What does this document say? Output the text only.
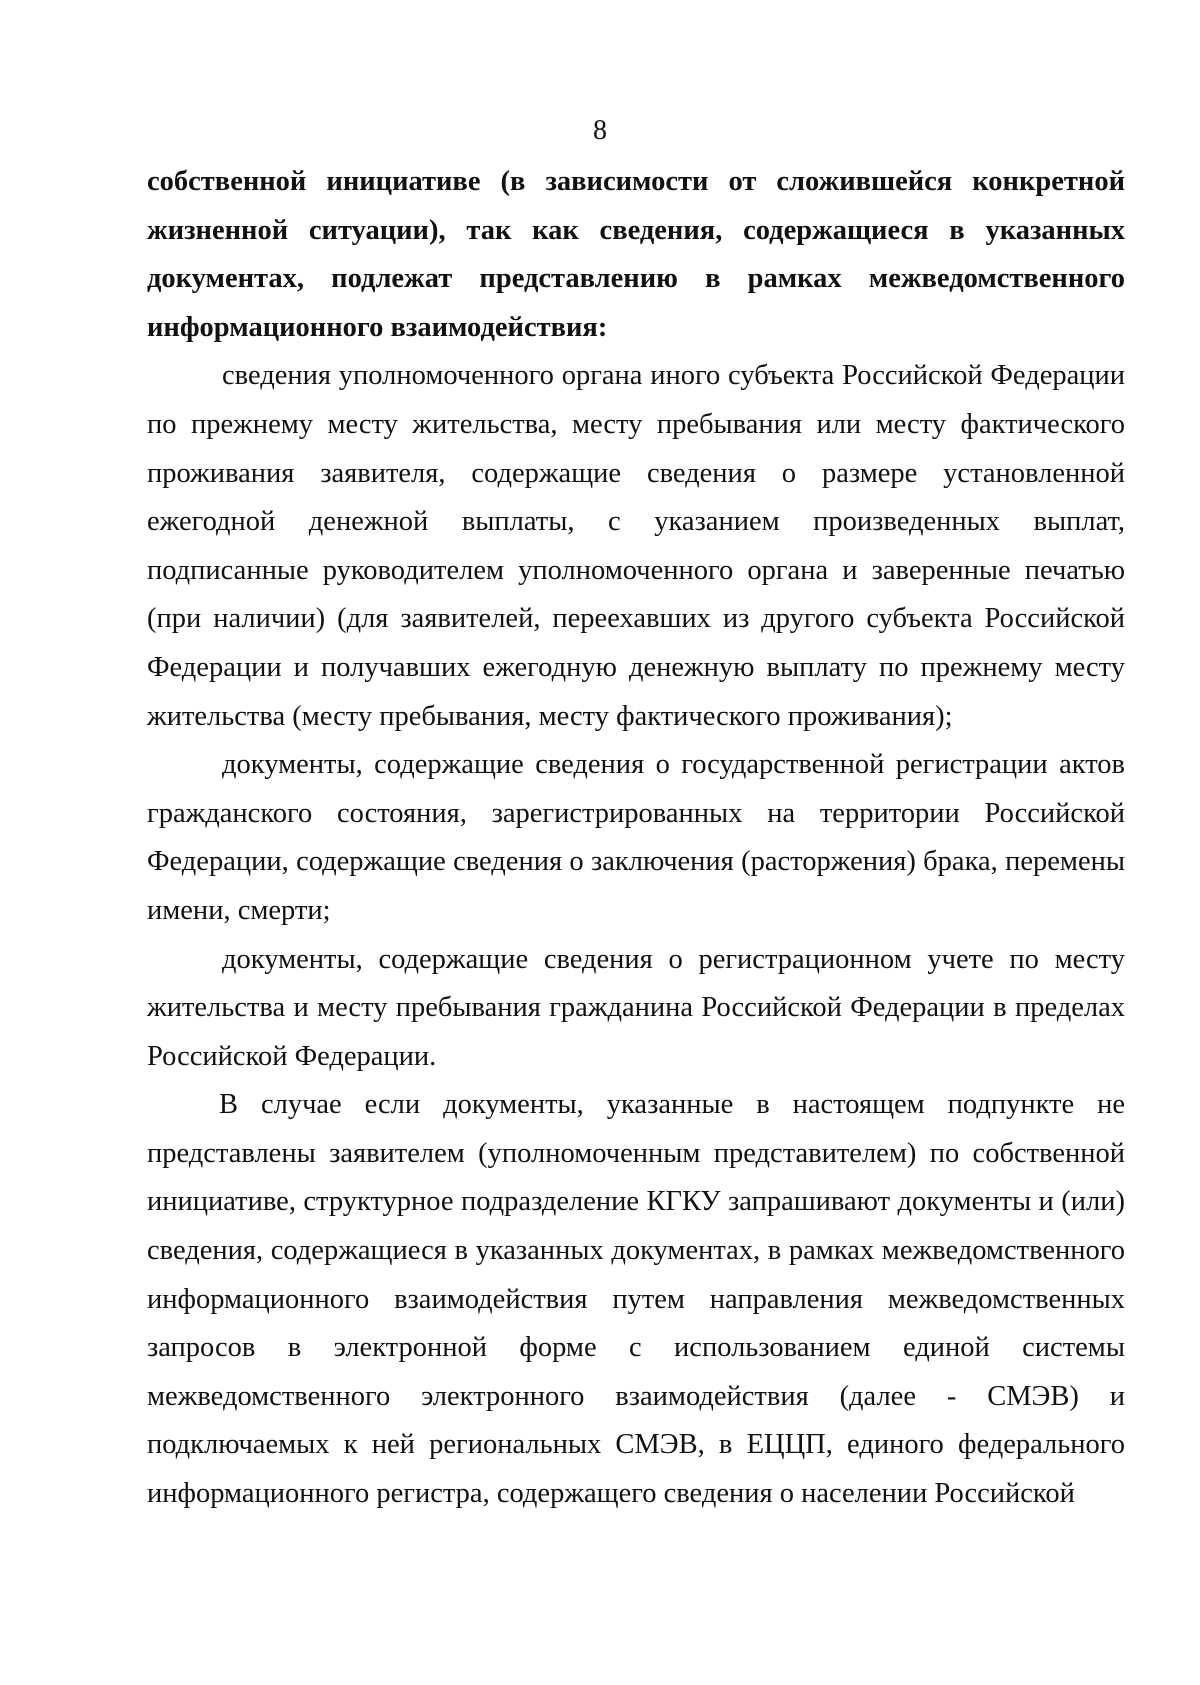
8

собственной инициативе (в зависимости от сложившейся конкретной жизненной ситуации), так как сведения, содержащиеся в указанных документах, подлежат представлению в рамках межведомственного информационного взаимодействия:

сведения уполномоченного органа иного субъекта Российской Федерации по прежнему месту жительства, месту пребывания или месту фактического проживания заявителя, содержащие сведения о размере установленной ежегодной денежной выплаты, с указанием произведенных выплат, подписанные руководителем уполномоченного органа и заверенные печатью (при наличии) (для заявителей, переехавших из другого субъекта Российской Федерации и получавших ежегодную денежную выплату по прежнему месту жительства (месту пребывания, месту фактического проживания);

документы, содержащие сведения о государственной регистрации актов гражданского состояния, зарегистрированных на территории Российской Федерации, содержащие сведения о заключения (расторжения) брака, перемены имени, смерти;

документы, содержащие сведения о регистрационном учете по месту жительства и месту пребывания гражданина Российской Федерации в пределах Российской Федерации.

В случае если документы, указанные в настоящем подпункте не представлены заявителем (уполномоченным представителем) по собственной инициативе, структурное подразделение КГКУ запрашивают документы и (или) сведения, содержащиеся в указанных документах, в рамках межведомственного информационного взаимодействия путем направления межведомственных запросов в электронной форме с использованием единой системы межведомственного электронного взаимодействия (далее - СМЭВ) и подключаемых к ней региональных СМЭВ, в ЕЦЦП, единого федерального информационного регистра, содержащего сведения о населении Российской
